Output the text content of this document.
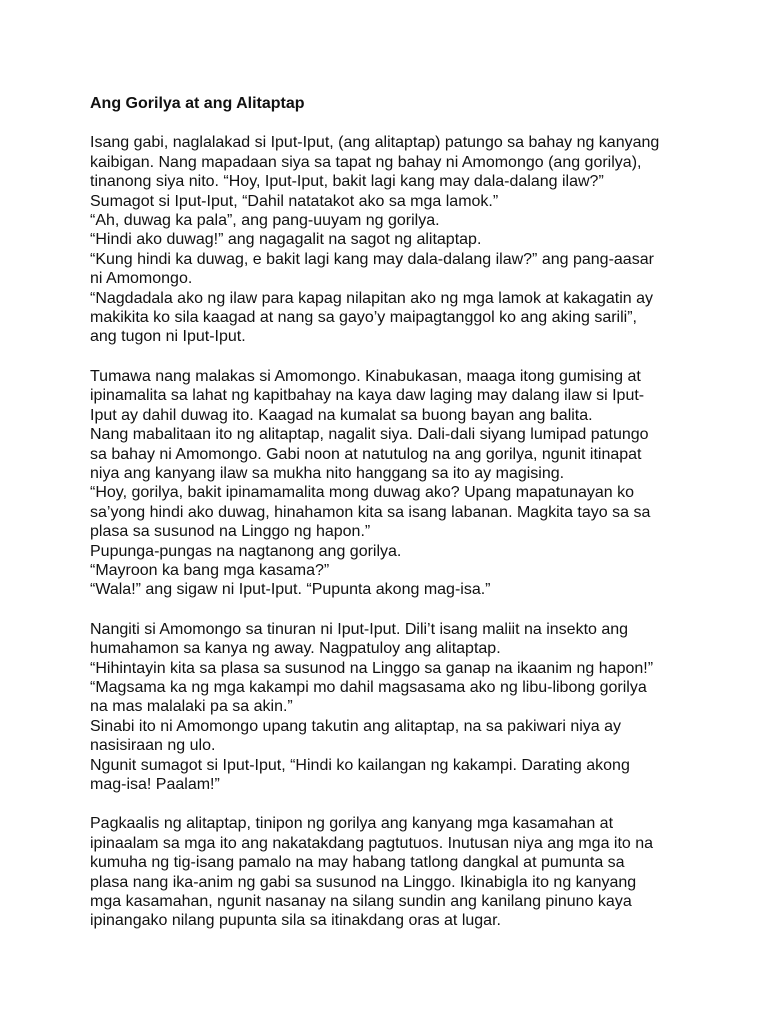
Ang Gorilya at ang Alitaptap
Isang gabi, naglalakad si Iput-Iput, (ang alitaptap) patungo sa bahay ng kanyang
kaibigan. Nang mapadaan siya sa tapat ng bahay ni Amomongo (ang gorilya),
tinanong siya nito. “Hoy, Iput-Iput, bakit lagi kang may dala-dalang ilaw?”
Sumagot si Iput-Iput, “Dahil natatakot ako sa mga lamok.”
“Ah, duwag ka pala”, ang pang-uuyam ng gorilya.
“Hindi ako duwag!” ang nagagalit na sagot ng alitaptap.
“Kung hindi ka duwag, e bakit lagi kang may dala-dalang ilaw?” ang pang-aasar
ni Amomongo.
“Nagdadala ako ng ilaw para kapag nilapitan ako ng mga lamok at kakagatin ay
makikita ko sila kaagad at nang sa gayo’y maipagtanggol ko ang aking sarili”,
ang tugon ni Iput-Iput.
Tumawa nang malakas si Amomongo. Kinabukasan, maaga itong gumising at
ipinamalita sa lahat ng kapitbahay na kaya daw laging may dalang ilaw si Iput-
Iput ay dahil duwag ito. Kaagad na kumalat sa buong bayan ang balita.
Nang mabalitaan ito ng alitaptap, nagalit siya. Dali-dali siyang lumipad patungo
sa bahay ni Amomongo. Gabi noon at natutulog na ang gorilya, ngunit itinapat
niya ang kanyang ilaw sa mukha nito hanggang sa ito ay magising.
“Hoy, gorilya, bakit ipinamamalita mong duwag ako? Upang mapatunayan ko
sa’yong hindi ako duwag, hinahamon kita sa isang labanan. Magkita tayo sa sa
plasa sa susunod na Linggo ng hapon.”
Pupunga-pungas na nagtanong ang gorilya.
“Mayroon ka bang mga kasama?”
“Wala!” ang sigaw ni Iput-Iput. “Pupunta akong mag-isa.”
Nangiti si Amomongo sa tinuran ni Iput-Iput. Dili’t isang maliit na insekto ang
humahamon sa kanya ng away. Nagpatuloy ang alitaptap.
“Hihintayin kita sa plasa sa susunod na Linggo sa ganap na ikaanim ng hapon!”
“Magsama ka ng mga kakampi mo dahil magsasama ako ng libu-libong gorilya
na mas malalaki pa sa akin.”
Sinabi ito ni Amomongo upang takutin ang alitaptap, na sa pakiwari niya ay
nasisiraan ng ulo.
Ngunit sumagot si Iput-Iput, “Hindi ko kailangan ng kakampi. Darating akong
mag-isa! Paalam!”
Pagkaalis ng alitaptap, tinipon ng gorilya ang kanyang mga kasamahan at
ipinaalam sa mga ito ang nakatakdang pagtutuos. Inutusan niya ang mga ito na
kumuha ng tig-isang pamalo na may habang tatlong dangkal at pumunta sa
plasa nang ika-anim ng gabi sa susunod na Linggo. Ikinabigla ito ng kanyang
mga kasamahan, ngunit nasanay na silang sundin ang kanilang pinuno kaya
ipinangako nilang pupunta sila sa itinakdang oras at lugar.
